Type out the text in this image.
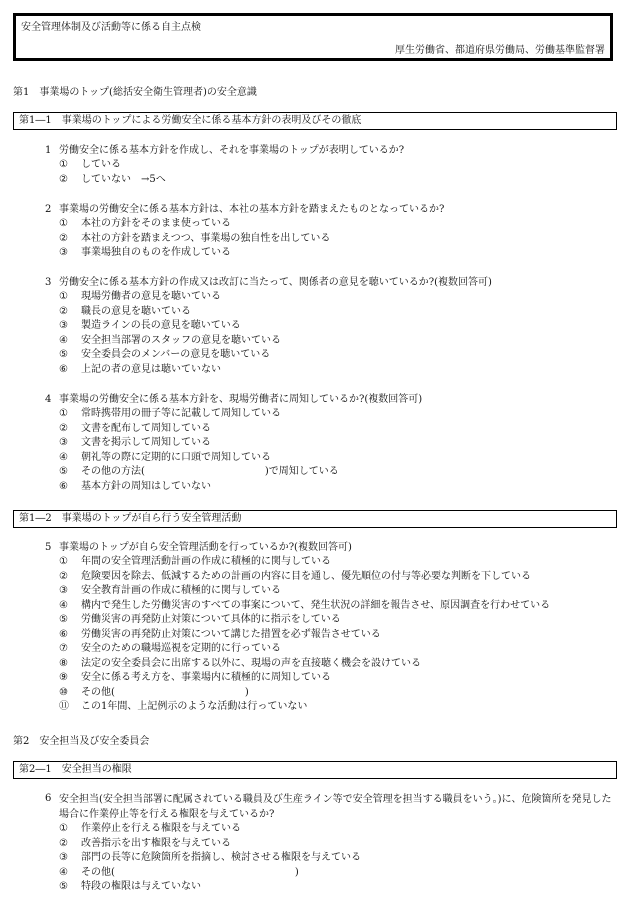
安全管理体制及び活動等に係る自主点検
厚生労働省、都道府県労働局、労働基準監督署
第1　事業場のトップ(総括安全衛生管理者)の安全意識
第1―1　事業場のトップによる労働安全に係る基本方針の表明及びその徹底
1 労働安全に係る基本方針を作成し、それを事業場のトップが表明しているか?
①	している
②	していない　→5へ
2 事業場の労働安全に係る基本方針は、本社の基本方針を踏まえたものとなっているか?
①	本社の方針をそのまま使っている
②	本社の方針を踏まえつつ、事業場の独自性を出している
③	事業場独自のものを作成している
3 労働安全に係る基本方針の作成又は改訂に当たって、関係者の意見を聴いているか?(複数回答可)
①	現場労働者の意見を聴いている
②	職長の意見を聴いている
③	製造ラインの長の意見を聴いている
④	安全担当部署のスタッフの意見を聴いている
⑤	安全委員会のメンバーの意見を聴いている
⑥	上記の者の意見は聴いていない
4 事業場の労働安全に係る基本方針を、現場労働者に周知しているか?(複数回答可)
①	常時携帯用の冊子等に記載して周知している
②	文書を配布して周知している
③	文書を掲示して周知している
④	朝礼等の際に定期的に口頭で周知している
⑤	その他の方法(　　　　　　　　　　　　)で周知している
⑥	基本方針の周知はしていない
第1―2　事業場のトップが自ら行う安全管理活動
5 事業場のトップが自ら安全管理活動を行っているか?(複数回答可)
①	年間の安全管理活動計画の作成に積極的に関与している
②	危険要因を除去、低減するための計画の内容に目を通し、優先順位の付与等必要な判断を下している
③	安全教育計画の作成に積極的に関与している
④	構内で発生した労働災害のすべての事案について、発生状況の詳細を報告させ、原因調査を行わせている
⑤	労働災害の再発防止対策について具体的に指示をしている
⑥	労働災害の再発防止対策について講じた措置を必ず報告させている
⑦	安全のための職場巡視を定期的に行っている
⑧	法定の安全委員会に出席する以外に、現場の声を直接聴く機会を設けている
⑨	安全に係る考え方を、事業場内に積極的に周知している
⑩	その他(　　　　　　　　　　　　　)
⑪	この1年間、上記例示のような活動は行っていない
第2　安全担当及び安全委員会
第2―1　安全担当の権限
6 安全担当(安全担当部署に配属されている職員及び生産ライン等で安全管理を担当する職員をいう。)に、危険箇所を発見した場合に作業停止等を行える権限を与えているか?
①	作業停止を行える権限を与えている
②	改善指示を出す権限を与えている
③	部門の長等に危険箇所を指摘し、検討させる権限を与えている
④	その他(　　　　　　　　　　　　　　　　　　)
⑤	特段の権限は与えていない
